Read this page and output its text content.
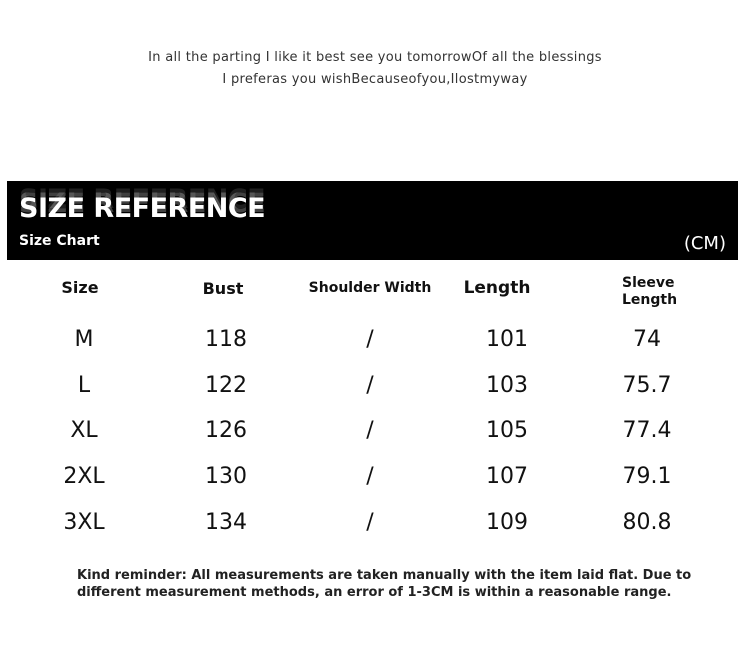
In all the parting I like it best see you tomorrowOf all the blessings
I preferas you wishBecauseofyou,Ilostmyway
SIZE REFERENCE
Size Chart	(CM)
Size	Bust	Shoulder Width	Length	Sleeve
Length
M	118	/	101	74
L	122	/	103	75.7
XL	126	/	105	77.4
2XL	130	/	107	79.1
3XL	134	/	109	80.8
Kind reminder: All measurements are taken manually with the item laid flat. Due to
different measurement methods, an error of 1-3CM is within a reasonable range.
